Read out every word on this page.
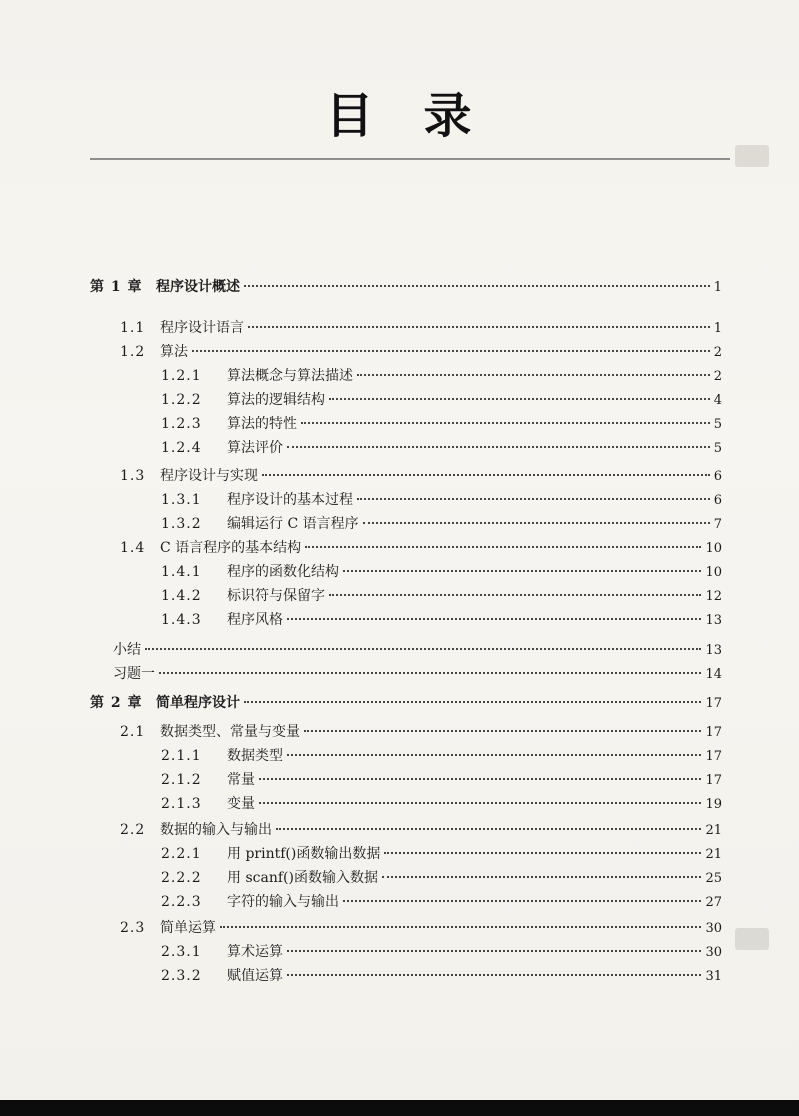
目 录
第 1 章 程序设计概述	1
1.1 程序设计语言	1
1.2 算法	2
1.2.1 算法概念与算法描述	2
1.2.2 算法的逻辑结构	4
1.2.3 算法的特性	5
1.2.4 算法评价	5
1.3 程序设计与实现	6
1.3.1 程序设计的基本过程	6
1.3.2 编辑运行 C 语言程序	7
1.4 C 语言程序的基本结构	10
1.4.1 程序的函数化结构	10
1.4.2 标识符与保留字	12
1.4.3 程序风格	13
小结	13
习题一	14
第 2 章 简单程序设计	17
2.1 数据类型、常量与变量	17
2.1.1 数据类型	17
2.1.2 常量	17
2.1.3 变量	19
2.2 数据的输入与输出	21
2.2.1 用 printf()函数输出数据	21
2.2.2 用 scanf()函数输入数据	25
2.2.3 字符的输入与输出	27
2.3 简单运算	30
2.3.1 算术运算	30
2.3.2 赋值运算	31
